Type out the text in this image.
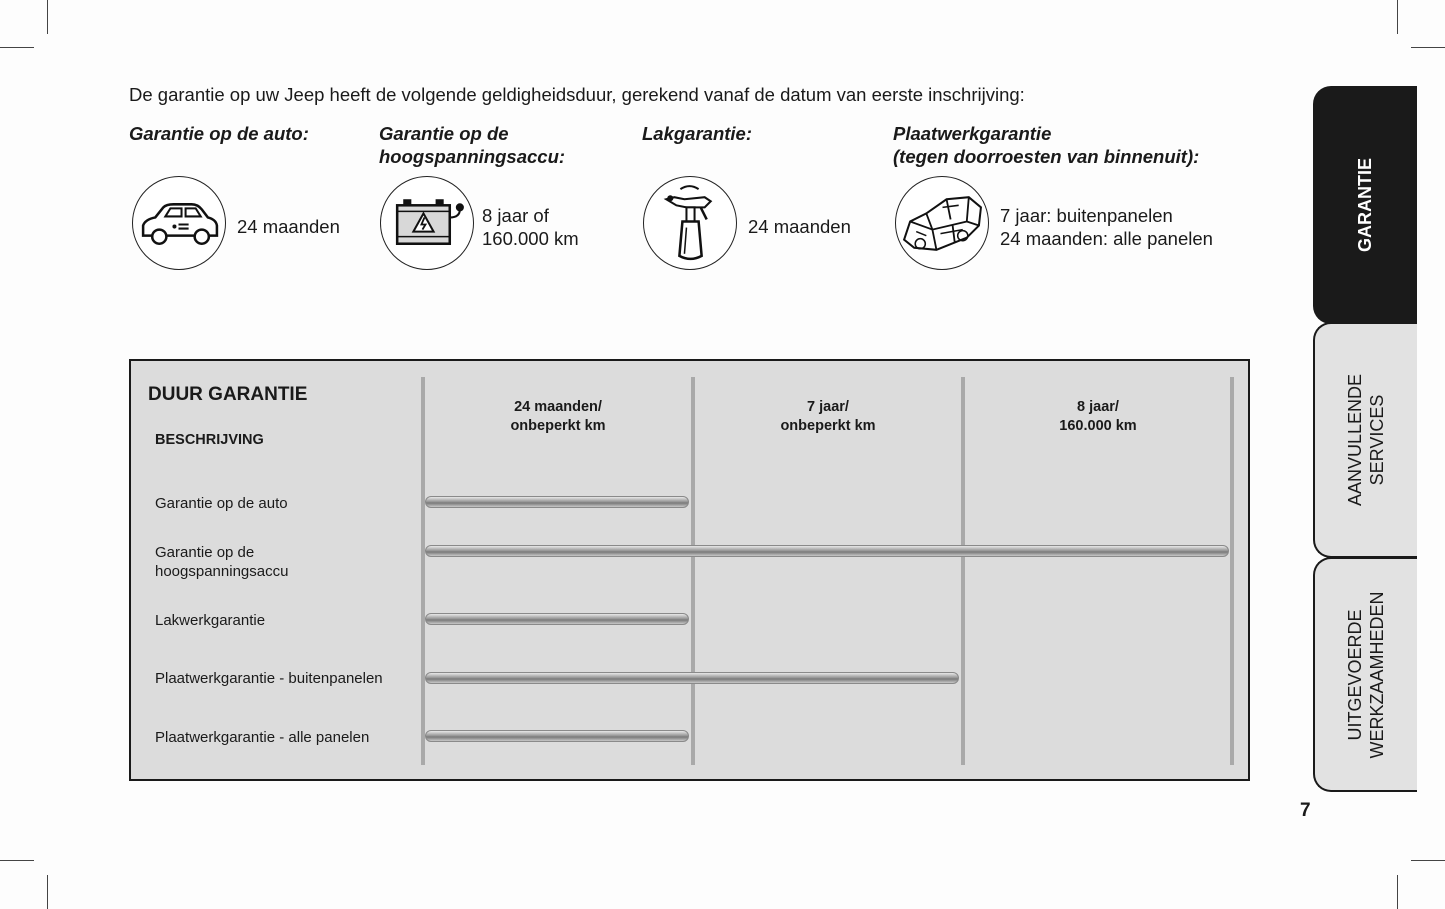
De garantie op uw Jeep heeft de volgende geldigheidsduur, gerekend vanaf de datum van eerste inschrijving:
Garantie op de auto:
24 maanden
Garantie op de
hoogspanningsaccu:
8 jaar of
160.000 km
Lakgarantie:
24 maanden
Plaatwerkgarantie
(tegen doorroesten van binnenuit):
7 jaar: buitenpanelen
24 maanden: alle panelen
DUUR GARANTIE
BESCHRIJVING
24 maanden/
onbeperkt km
7 jaar/
onbeperkt km
8 jaar/
160.000 km
Garantie op de auto
Garantie op de
hoogspanningsaccu
Lakwerkgarantie
Plaatwerkgarantie - buitenpanelen
Plaatwerkgarantie - alle panelen
GARANTIE
AANVULLENDE SERVICES
UITGEVOERDE WERKZAAMHEDEN
7
